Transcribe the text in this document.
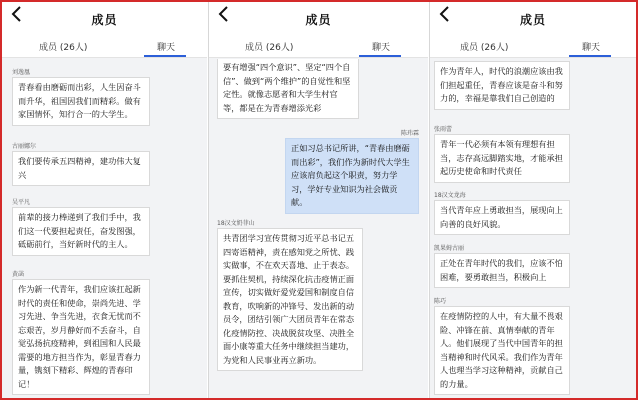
成员
成员 (26人)	聊天
刘逸凰
青春看由磨砺而出彩，人生因奋斗而升华，祖国因我们而精彩。做有家国情怀，知行合一的大学生。
古丽娜尔
我们要传承五四精神，建功伟大复兴
吴平凡
前辈的接力棒递到了我们手中，我们这一代要担起责任，奋发图强，砥砺前行，当好新时代的主人。
黄菡
作为新一代青年，我们应该扛起新时代的责任和使命，崇尚先进、学习先进、争当先进，衣食无忧而不忘艰苦，岁月静好而不丢奋斗，自觉弘扬抗疫精神，到祖国和人民最需要的地方担当作为，彰显青春力量，镌刻下精彩、辉煌的青春印记！
成员
成员 (26人)	聊天
要有增强“四个意识”、坚定“四个自信”、做到“两个维护”的自觉性和坚定性。就像志愿者和大学生村官等，都是在为青春增添光彩
陈玮霖
正如习总书记所讲，“青春由磨砺而出彩”，我们作为新时代大学生应该肩负起这个职责，努力学习，学好专业知识为社会做贡献。
18汉文奶菲山
共青团学习宣传贯彻习近平总书记五四寄语精神，责在感知党之所忧、践实做事，不在欢天喜地、止于表态。要抓住契机，持续深化抗击疫情正面宣传，切实做好爱党爱国和制度自信教育，吹响新的冲锋号、发出新的动员令，团结引领广大团员青年在常态化疫情防控、决战脱贫攻坚、决胜全面小康等重大任务中继续担当建功，为党和人民事业再立新功。
成员
成员 (26人)	聊天
作为青年人，时代的浪潮应该由我们担起重任，青春应该是奋斗和努力的，幸福是靠我们自己创造的
张雨蕾
青年一代必须有本领有理想有担当，志存高远脚踏实地，才能承担起历史使命和时代责任
18汉文龙海
当代青年应上勇敢担当，展现向上向善的良好风貌。
凯果姆古丽
正处在青年时代的我们，应该不怕困难，要勇敢担当，积极向上
陈巧
在疫情防控的人中，有大量不畏艰险、冲锋在前、真情奉献的青年人。他们展现了当代中国青年的担当精神和时代风采。我们作为青年人也理当学习这种精神，贡献自己的力量。
